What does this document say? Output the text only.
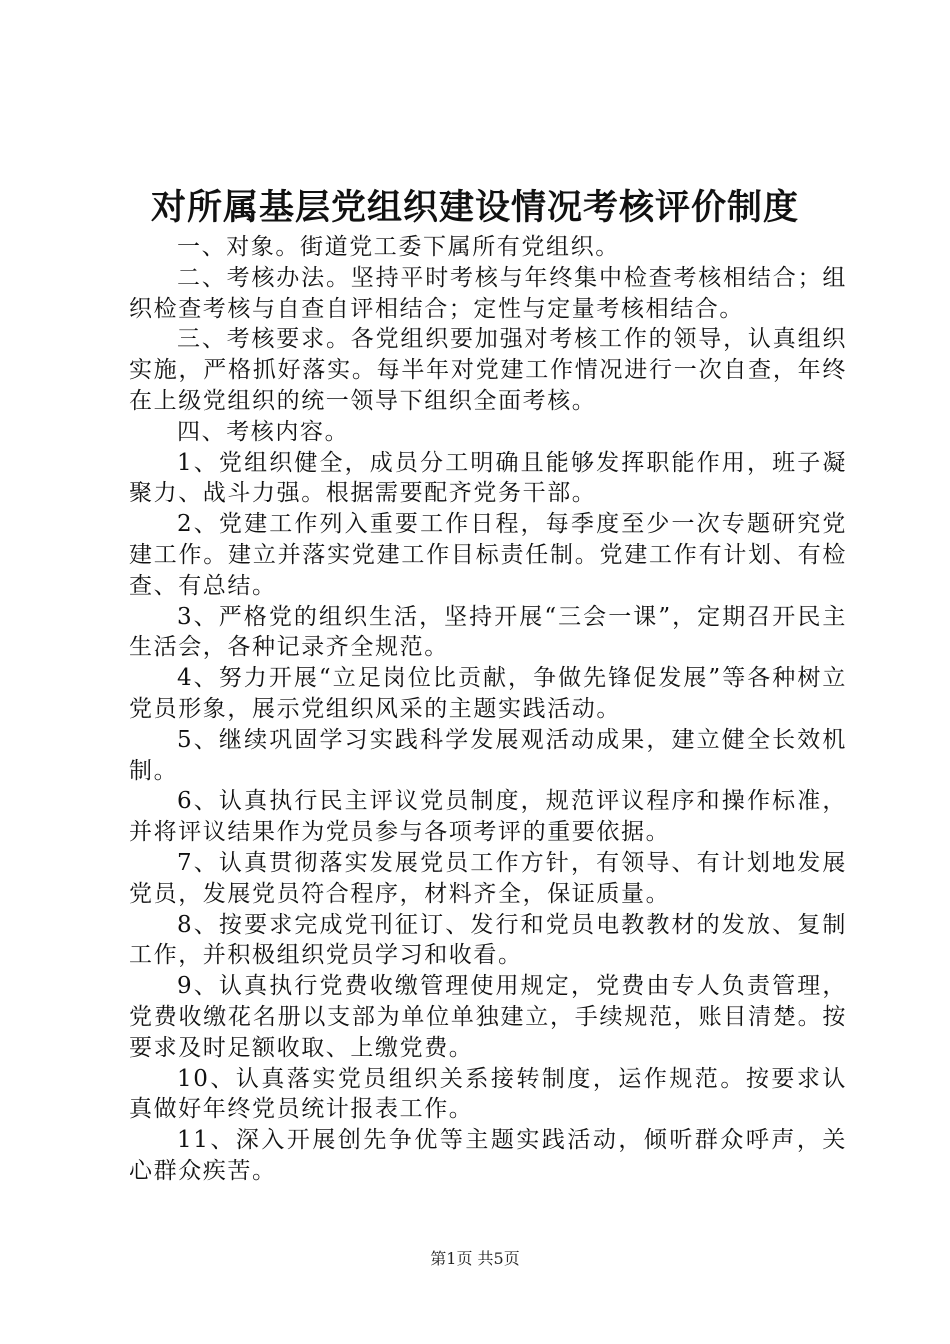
对所属基层党组织建设情况考核评价制度

一、对象。街道党工委下属所有党组织。

二、考核办法。坚持平时考核与年终集中检查考核相结合；组织检查考核与自查自评相结合；定性与定量考核相结合。

三、考核要求。各党组织要加强对考核工作的领导，认真组织实施，严格抓好落实。每半年对党建工作情况进行一次自查，年终在上级党组织的统一领导下组织全面考核。

四、考核内容。

1、党组织健全，成员分工明确且能够发挥职能作用，班子凝聚力、战斗力强。根据需要配齐党务干部。

2、党建工作列入重要工作日程，每季度至少一次专题研究党建工作。建立并落实党建工作目标责任制。党建工作有计划、有检查、有总结。

3、严格党的组织生活，坚持开展“三会一课”，定期召开民主生活会，各种记录齐全规范。

4、努力开展“立足岗位比贡献，争做先锋促发展”等各种树立党员形象，展示党组织风采的主题实践活动。

5、继续巩固学习实践科学发展观活动成果，建立健全长效机制。

6、认真执行民主评议党员制度，规范评议程序和操作标准，并将评议结果作为党员参与各项考评的重要依据。

7、认真贯彻落实发展党员工作方针，有领导、有计划地发展党员，发展党员符合程序，材料齐全，保证质量。

8、按要求完成党刊征订、发行和党员电教教材的发放、复制工作，并积极组织党员学习和收看。

9、认真执行党费收缴管理使用规定，党费由专人负责管理，党费收缴花名册以支部为单位单独建立，手续规范，账目清楚。按要求及时足额收取、上缴党费。

10、认真落实党员组织关系接转制度，运作规范。按要求认真做好年终党员统计报表工作。

11、深入开展创先争优等主题实践活动，倾听群众呼声，关心群众疾苦。

第1页 共5页
